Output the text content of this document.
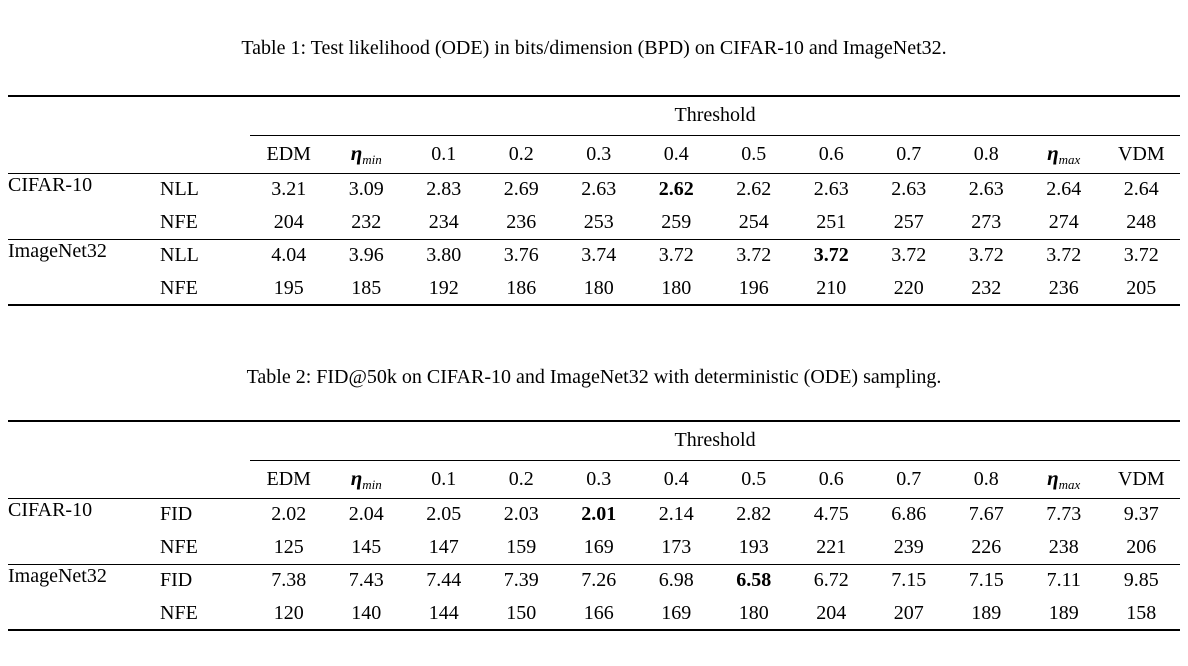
Table 1: Test likelihood (ODE) in bits/dimension (BPD) on CIFAR-10 and ImageNet32.
		Threshold											
		EDM	$\eta_{min}$	0.1	0.2	0.3	0.4	0.5	0.6	0.7	0.8	$\eta_{max}$	VDM
CIFAR-10	NLL	3.21	3.09	2.83	2.69	2.63	2.62	2.62	2.63	2.63	2.63	2.64	2.64
	NFE	204	232	234	236	253	259	254	251	257	273	274	248
ImageNet32	NLL	4.04	3.96	3.80	3.76	3.74	3.72	3.72	3.72	3.72	3.72	3.72	3.72
	NFE	195	185	192	186	180	180	196	210	220	232	236	205
Table 2: FID@50k on CIFAR-10 and ImageNet32 with deterministic (ODE) sampling.
		Threshold											
		EDM	$\eta_{min}$	0.1	0.2	0.3	0.4	0.5	0.6	0.7	0.8	$\eta_{max}$	VDM
CIFAR-10	FID	2.02	2.04	2.05	2.03	2.01	2.14	2.82	4.75	6.86	7.67	7.73	9.37
	NFE	125	145	147	159	169	173	193	221	239	226	238	206
ImageNet32	FID	7.38	7.43	7.44	7.39	7.26	6.98	6.58	6.72	7.15	7.15	7.11	9.85
	NFE	120	140	144	150	166	169	180	204	207	189	189	158
